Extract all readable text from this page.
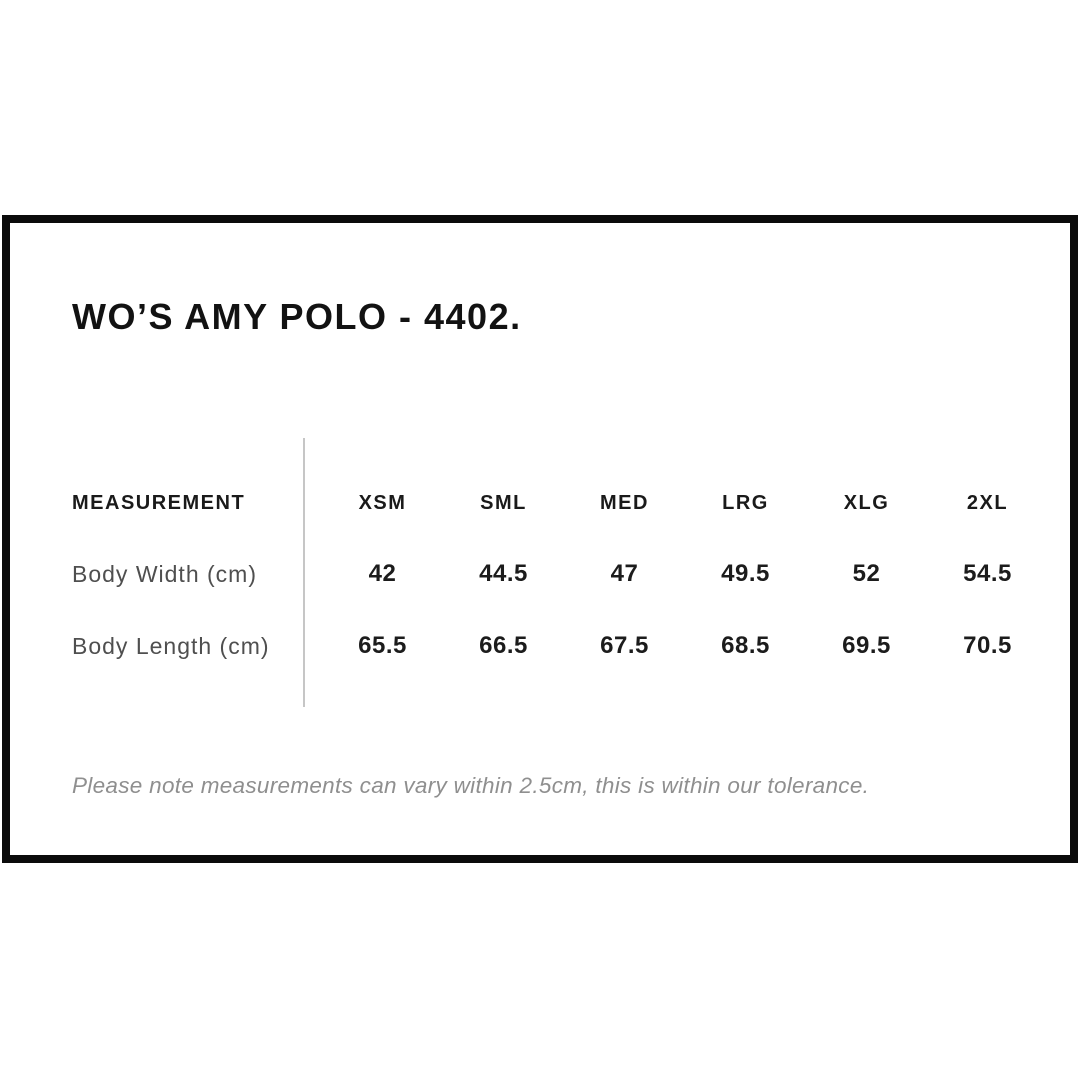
WO’S AMY POLO - 4402.
MEASUREMENT	XSM	SML	MED	LRG	XLG	2XL
Body Width (cm)	42	44.5	47	49.5	52	54.5
Body Length (cm)	65.5	66.5	67.5	68.5	69.5	70.5

Please note measurements can vary within 2.5cm, this is within our tolerance.
